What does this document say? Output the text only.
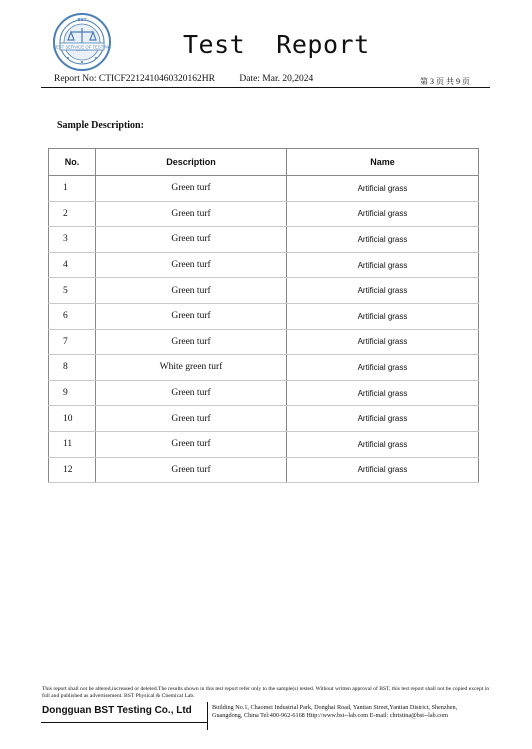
BEST SERVICE OF TESTING
BST
Test  Report
Report No: CTICF2212410460320162HR	Date: Mar. 20,2024	第 3 页 共 9 页
Sample Description:
No.	Description	Name
1	Green turf	Artificial grass
2	Green turf	Artificial grass
3	Green turf	Artificial grass
4	Green turf	Artificial grass
5	Green turf	Artificial grass
6	Green turf	Artificial grass
7	Green turf	Artificial grass
8	White green turf	Artificial grass
9	Green turf	Artificial grass
10	Green turf	Artificial grass
11	Green turf	Artificial grass
12	Green turf	Artificial grass
This report shall not be altered,increased or deleted.The results shown in this test report refer only to the sample(s) tested. Without written approval of BST, this test report shall not be copied except in full and published as advertisement. BST Physical & Chemical Lab.
Dongguan BST Testing Co., Ltd	Building No.1, Chaomei Industrial Park, Donghai Road, Yantian Street,Yantian District, Shenzhen,
Guangdong, China Tel:400-962-6168 Http://www.bst--lab.com E-mail: christina@bst--lab.com
